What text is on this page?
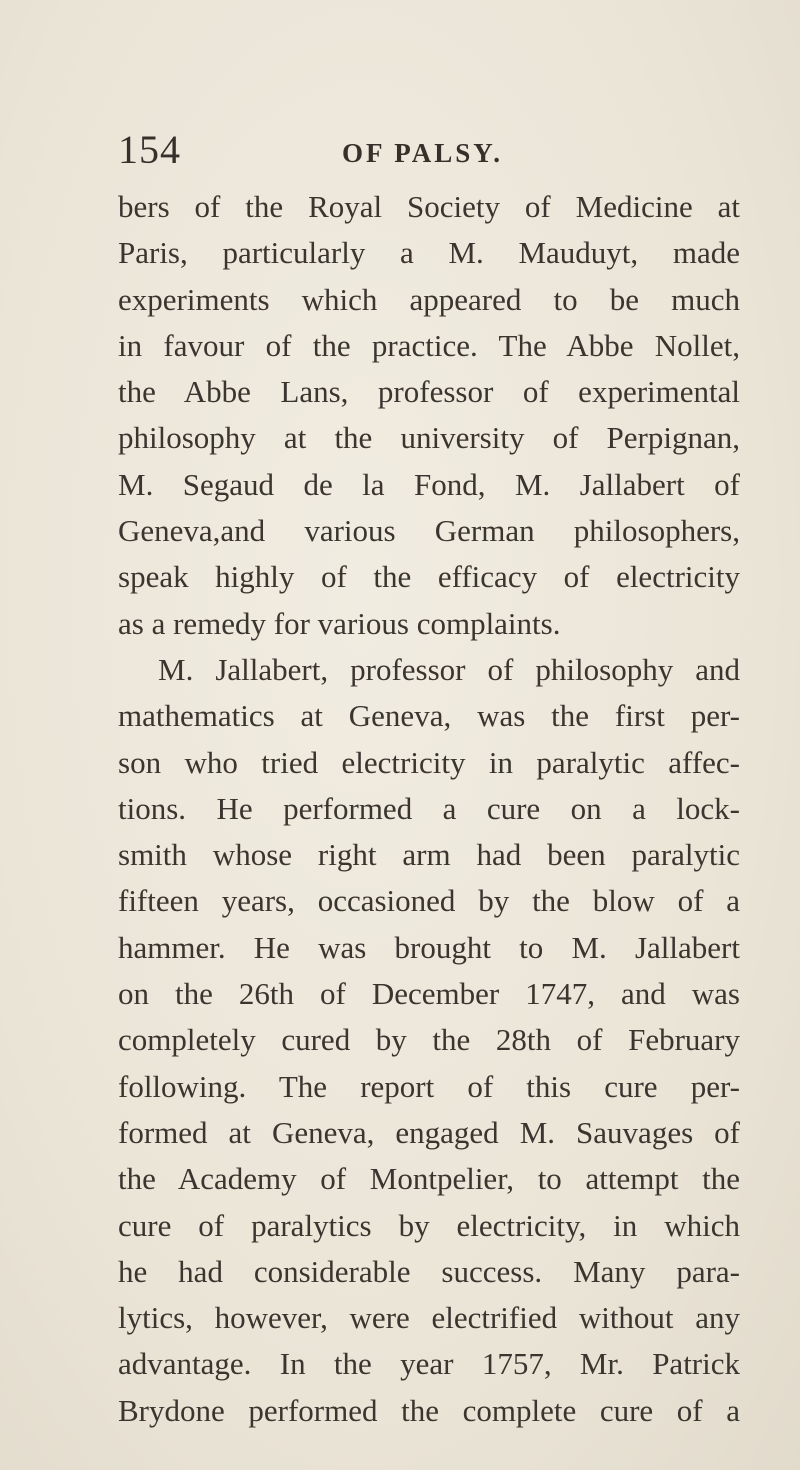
154	OF PALSY.
bers of the Royal Society of Medicine at
Paris, particularly a M. Mauduyt, made
experiments which appeared to be much
in favour of the practice. The Abbe Nollet,
the Abbe Lans, professor of experimental
philosophy at the university of Perpignan,
M. Segaud de la Fond, M. Jallabert of
Geneva,and various German philosophers,
speak highly of the efficacy of electricity
as a remedy for various complaints.
M. Jallabert, professor of philosophy and
mathematics at Geneva, was the first per-
son who tried electricity in paralytic affec-
tions. He performed a cure on a lock-
smith whose right arm had been paralytic
fifteen years, occasioned by the blow of a
hammer. He was brought to M. Jallabert
on the 26th of December 1747, and was
completely cured by the 28th of February
following. The report of this cure per-
formed at Geneva, engaged M. Sauvages of
the Academy of Montpelier, to attempt the
cure of paralytics by electricity, in which
he had considerable success. Many para-
lytics, however, were electrified without any
advantage. In the year 1757, Mr. Patrick
Brydone performed the complete cure of a
